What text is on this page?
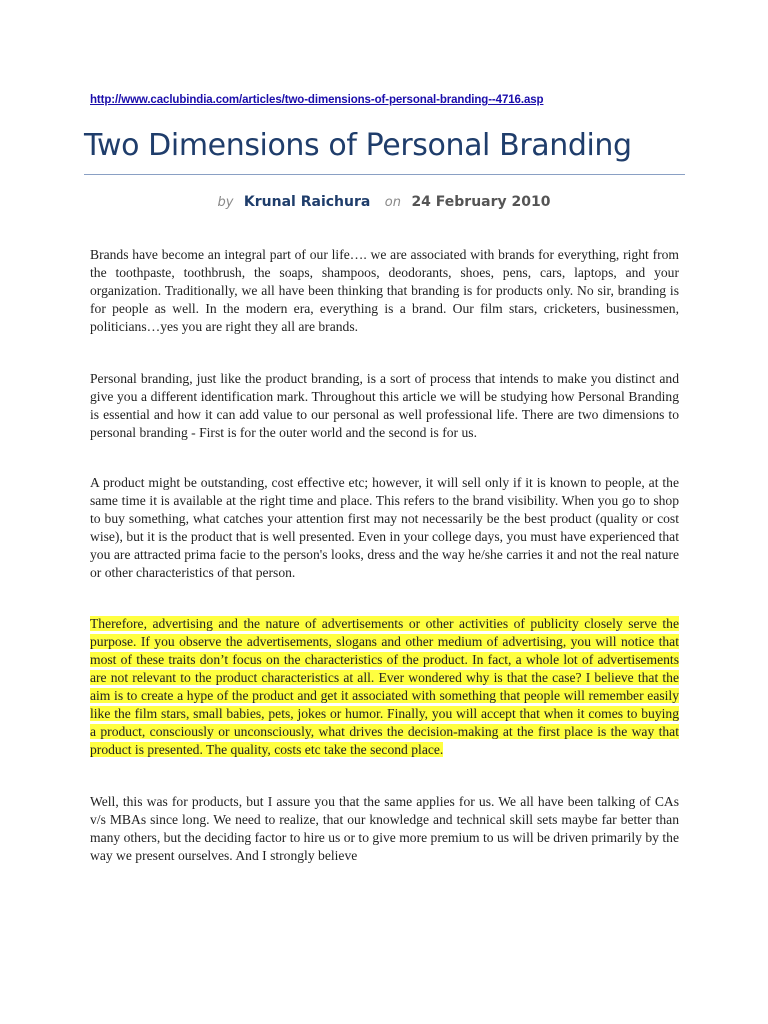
http://www.caclubindia.com/articles/two-dimensions-of-personal-branding--4716.asp
Two Dimensions of Personal Branding
by Krunal Raichura on 24 February 2010

Brands have become an integral part of our life…. we are associated with brands for everything, right from the toothpaste, toothbrush, the soaps, shampoos, deodorants, shoes, pens, cars, laptops, and your organization. Traditionally, we all have been thinking that branding is for products only. No sir, branding is for people as well. In the modern era, everything is a brand. Our film stars, cricketers, businessmen, politicians…yes you are right they all are brands.

Personal branding, just like the product branding, is a sort of process that intends to make you distinct and give you a different identification mark. Throughout this article we will be studying how Personal Branding is essential and how it can add value to our personal as well professional life. There are two dimensions to personal branding - First is for the outer world and the second is for us.

A product might be outstanding, cost effective etc; however, it will sell only if it is known to people, at the same time it is available at the right time and place. This refers to the brand visibility. When you go to shop to buy something, what catches your attention first may not necessarily be the best product (quality or cost wise), but it is the product that is well presented. Even in your college days, you must have experienced that you are attracted prima facie to the person's looks, dress and the way he/she carries it and not the real nature or other characteristics of that person.

Therefore, advertising and the nature of advertisements or other activities of publicity closely serve the purpose. If you observe the advertisements, slogans and other medium of advertising, you will notice that most of these traits don’t focus on the characteristics of the product. In fact, a whole lot of advertisements are not relevant to the product characteristics at all. Ever wondered why is that the case? I believe that the aim is to create a hype of the product and get it associated with something that people will remember easily like the film stars, small babies, pets, jokes or humor. Finally, you will accept that when it comes to buying a product, consciously or unconsciously, what drives the decision-making at the first place is the way that product is presented. The quality, costs etc take the second place.

Well, this was for products, but I assure you that the same applies for us. We all have been talking of CAs v/s MBAs since long. We need to realize, that our knowledge and technical skill sets maybe far better than many others, but the deciding factor to hire us or to give more premium to us will be driven primarily by the way we present ourselves. And I strongly believe
